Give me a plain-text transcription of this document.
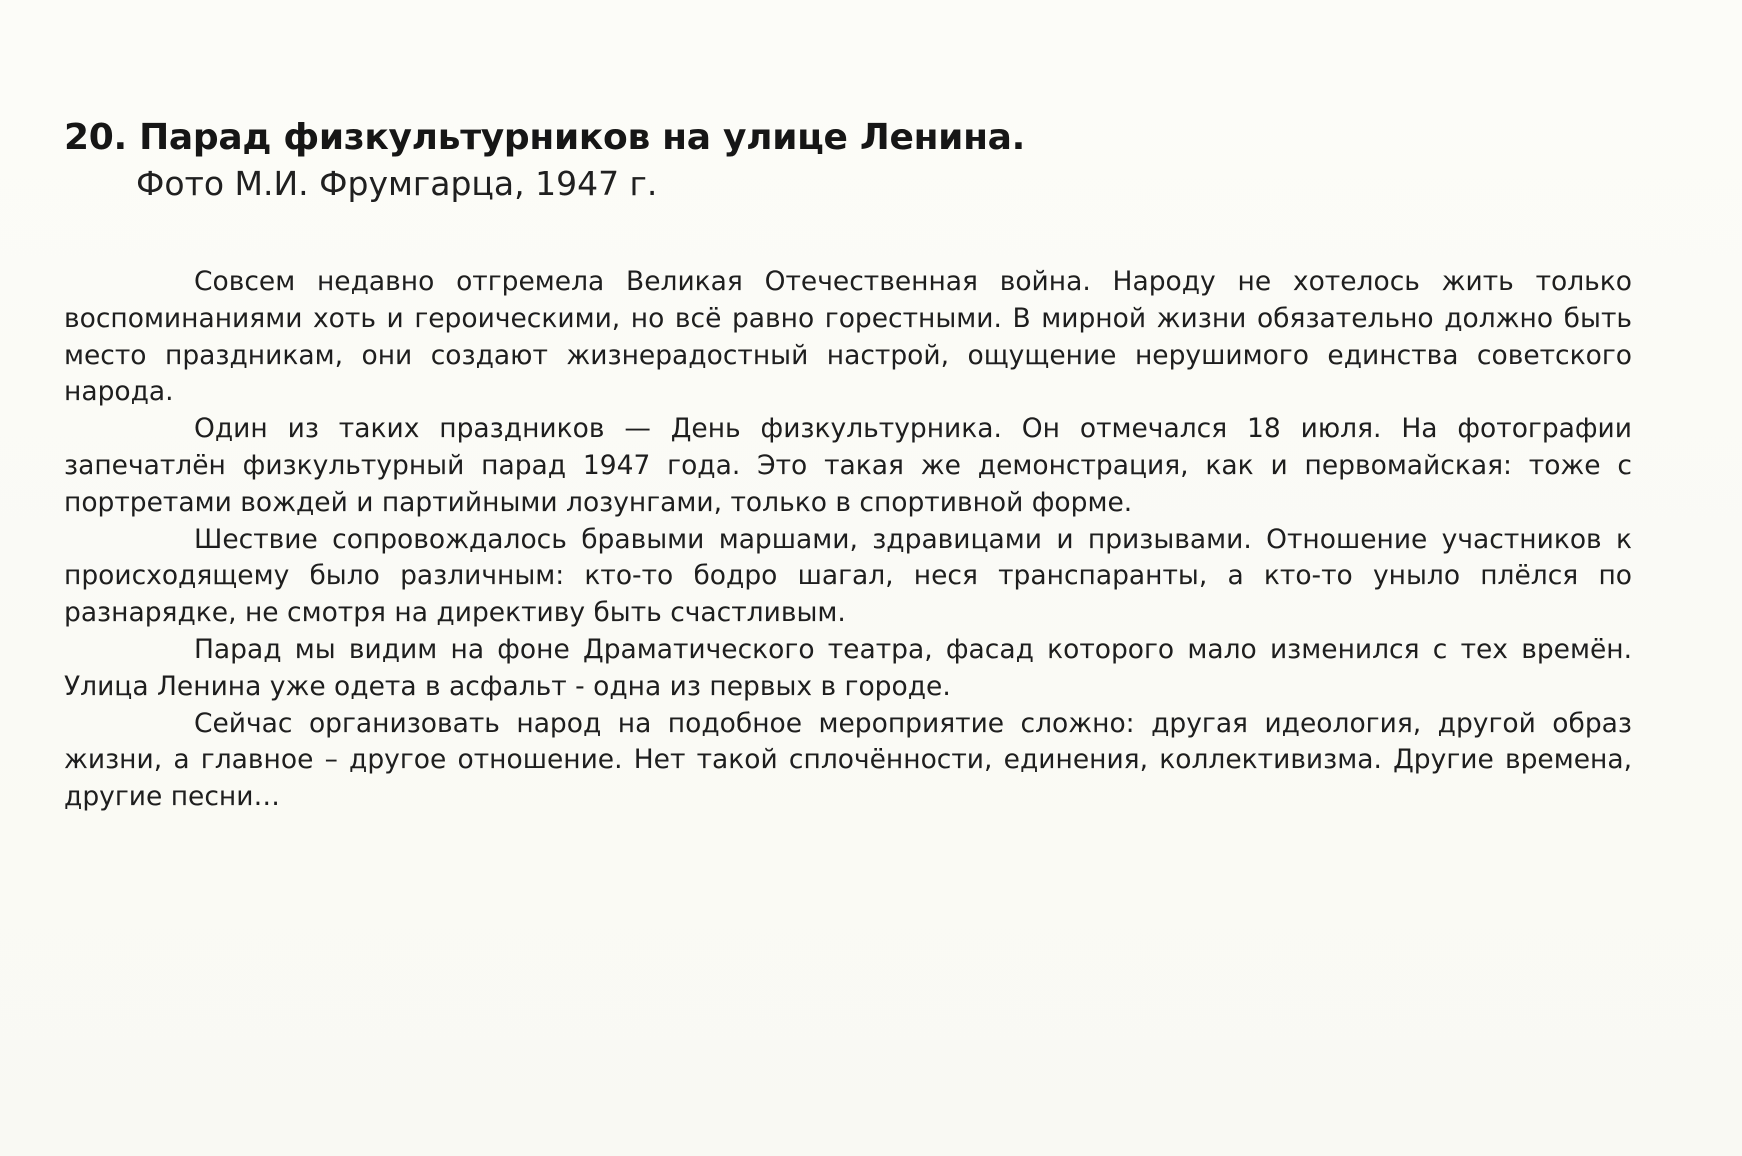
20. Парад физкультурников на улице Ленина.
Фото М.И. Фрумгарца, 1947 г.

Совсем недавно отгремела Великая Отечественная война. Народу не хотелось жить только воспоминаниями хоть и героическими, но всё равно горестными. В мирной жизни обязательно должно быть место праздникам, они создают жизнерадостный настрой, ощущение нерушимого единства советского народа.

Один из таких праздников — День физкультурника. Он отмечался 18 июля. На фотографии запечатлён физкультурный парад 1947 года. Это такая же демонстрация, как и первомайская: тоже с портретами вождей и партийными лозунгами, только в спортивной форме.

Шествие сопровождалось бравыми маршами, здравицами и призывами. Отношение участников к происходящему было различным: кто-то бодро шагал, неся транспаранты, а кто-то уныло плёлся по разнарядке, не смотря на директиву быть счастливым.

Парад мы видим на фоне Драматического театра, фасад которого мало изменился с тех времён. Улица Ленина уже одета в асфальт - одна из первых в городе.

Сейчас организовать народ на подобное мероприятие сложно: другая идеология, другой образ жизни, а главное – другое отношение. Нет такой сплочённости, единения, коллективизма. Другие времена, другие песни…
